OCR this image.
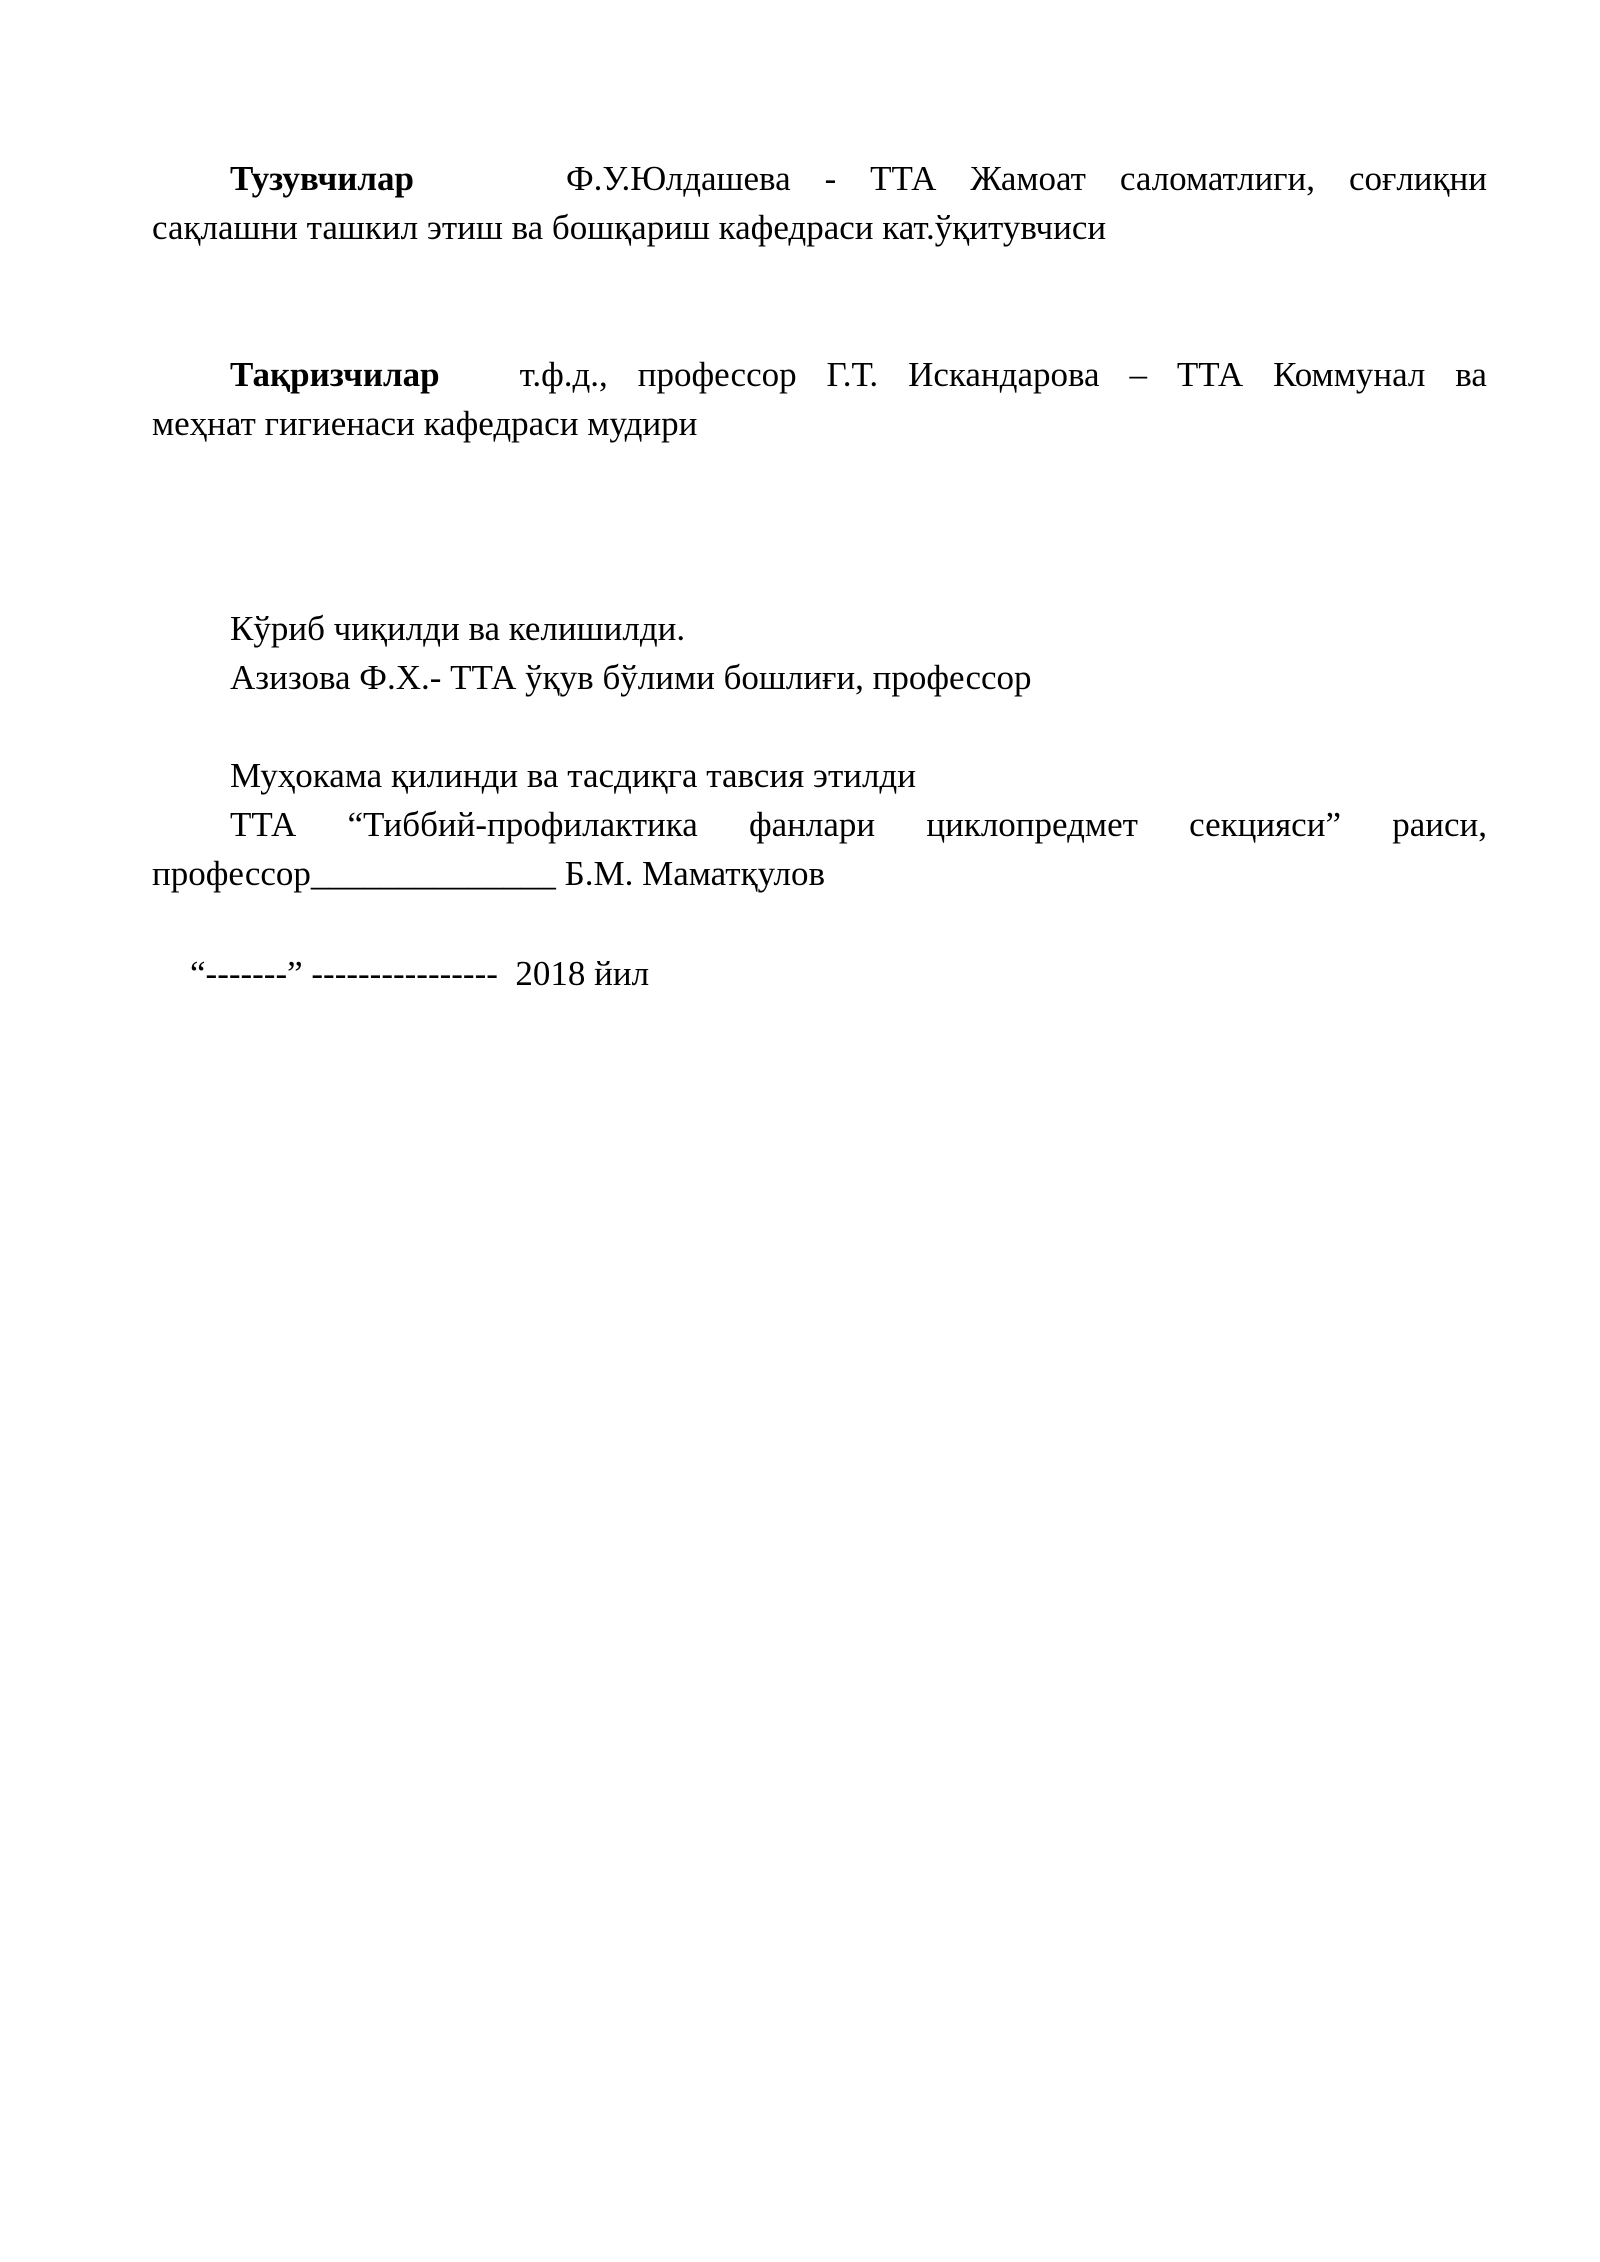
Тузувчилар	Ф.У.Юлдашева - ТТА Жамоат саломатлиги, соғлиқни
сақлашни ташкил этиш ва бошқариш кафедраси кат.ўқитувчиси
Тақризчилар т.ф.д., профессор Г.Т. Искандарова – ТТА Коммунал ва
меҳнат гигиенаси кафедраси мудири
Кўриб чиқилди ва келишилди.
Азизова Ф.Х.- ТТА ўқув бўлими бошлиғи, профессор
Муҳокама қилинди ва тасдиқга тавсия этилди
ТТА “Тиббий-профилактика фанлари циклопредмет секцияси” раиси,
профессор______________ Б.М. Маматқулов
“-------” ----------------  2018 йил
